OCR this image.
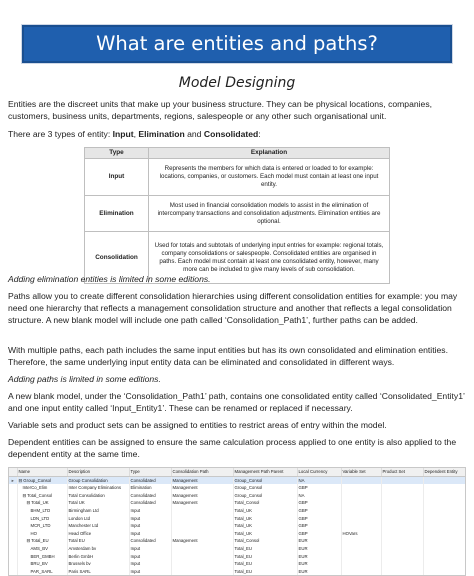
What are entities and paths?
Model Designing

Entities are the discreet units that make up your business structure. They can be physical locations, companies, customers, business units, departments, regions, salespeople or any other such organisational unit.

There are 3 types of entity: Input, Elimination and Consolidated:

Type	Explanation
Input	Represents the members for which data is entered or loaded to for example: locations, companies, or customers. Each model must contain at least one input entity.
Elimination	Most used in financial consolidation models to assist in the elimination of intercompany transactions and consolidation adjustments. Elimination entities are optional.
Consolidation	Used for totals and subtotals of underlying input entries for example: regional totals, company consolidations or salespeople. Consolidated entities are organised in paths. Each model must contain at least one consolidated entity, however, many more can be included to give many levels of sub consolidation.

Adding elimination entities is limited in some editions.

Paths allow you to create different consolidation hierarchies using different consolidation entities for example: you may need one hierarchy that reflects a management consolidation structure and another that reflects a legal consolidation structure. A new blank model will include one path called ‘Consolidation_Path1’, further paths can be added.

With multiple paths, each path includes the same input entities but has its own consolidated and elimination entities. Therefore, the same underlying input entity data can be eliminated and consolidated in different ways.

Adding paths is limited in some editions.

A new blank model, under the ‘Consolidation_Path1’ path, contains one consolidated entity called ‘Consolidated_Entity1’ and one input entity called ‘Input_Entity1’. These can be renamed or replaced if necessary.

Variable sets and product sets can be assigned to entities to restrict areas of entry within the model.

Dependent entities can be assigned to ensure the same calculation process applied to one entity is also applied to the dependent entity at the same time.

	Name	Description	Type	Consolidation Path	Management Path Parent	Local Currency	Variable Set	Product Set	Dependent Entity
▸	⊟ Group_Consol	Group Consolidation	Consolidated	Management	Group_Consol	NA			
	InterCo_Elim	Inter Company Eliminations	Elimination	Management	Group_Consol	GBP			
	⊟ Total_Consol	Total Consolidation	Consolidated	Management	Group_Consol	NA			
	⊟ Total_UK	Total UK	Consolidated	Management	Total_Consol	GBP			
	BHM_LTD	Birmingham Ltd	Input		Total_UK	GBP			
	LDN_LTD	London Ltd	Input		Total_UK	GBP			
	MCR_LTD	Manchester Ltd	Input		Total_UK	GBP			
	HO	Head Office	Input		Total_UK	GBP	HOVars		
	⊟ Total_EU	Total EU	Consolidated	Management	Total_Consol	EUR			
	AMS_BV	Amsterdam bv	Input		Total_EU	EUR			
	BER_GMBH	Berlin GmbH	Input		Total_EU	EUR			
	BRU_BV	Brussels bv	Input		Total_EU	EUR			
	PAR_SARL	Paris SARL	Input		Total_EU	EUR			
